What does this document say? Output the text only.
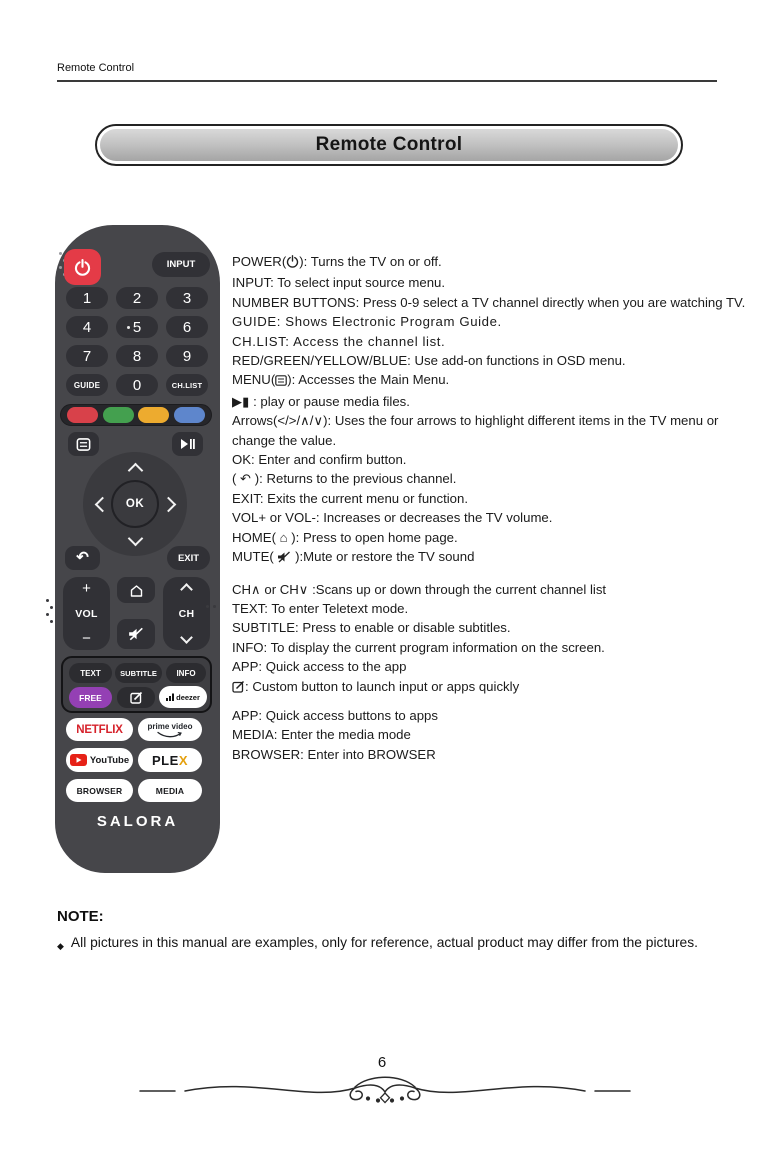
Remote Control
Remote Control
INPUT
1	2	3
4	5	6
7	8	9
GUIDE	0	CH.LIST
OK
↶	EXIT
+
VOL
−
CH
TEXT	SUBTITLE	INFO
FREE	deezer
NETFLIX	prime video
YouTube PLE X
BROWSER	MEDIA
SALORA

POWER( ): Turns the TV on or off.

INPUT: To select input source menu.

NUMBER BUTTONS: Press 0-9 select a TV channel directly when you are watching TV.

GUIDE: Shows Electronic Program Guide.

CH.LIST: Access the channel list.

RED/GREEN/YELLOW/BLUE: Use add-on functions in OSD menu.

MENU( ): Accesses the Main Menu.

▶▮ : play or pause media files.

Arrows(</>/∧/∨): Uses the four arrows to highlight different items in the TV menu or change the value.

OK: Enter and confirm button.

( ↶ ): Returns to the previous channel.

EXIT: Exits the current menu or function.

VOL+ or VOL-: Increases or decreases the TV volume.

HOME( ⌂ ): Press to open home page.

MUTE(  ):Mute or restore the TV sound

CH∧ or CH∨ :Scans up or down through the current channel list

TEXT: To enter Teletext mode.

SUBTITLE: Press to enable or disable subtitles.

INFO: To display the current program information on the screen.

APP: Quick access to the app

: Custom button to launch input or apps quickly

APP: Quick access buttons to apps

MEDIA: Enter the media mode

BROWSER: Enter into BROWSER

NOTE:
◆ All pictures in this manual are examples, only for reference, actual product may differ from the pictures.
6
